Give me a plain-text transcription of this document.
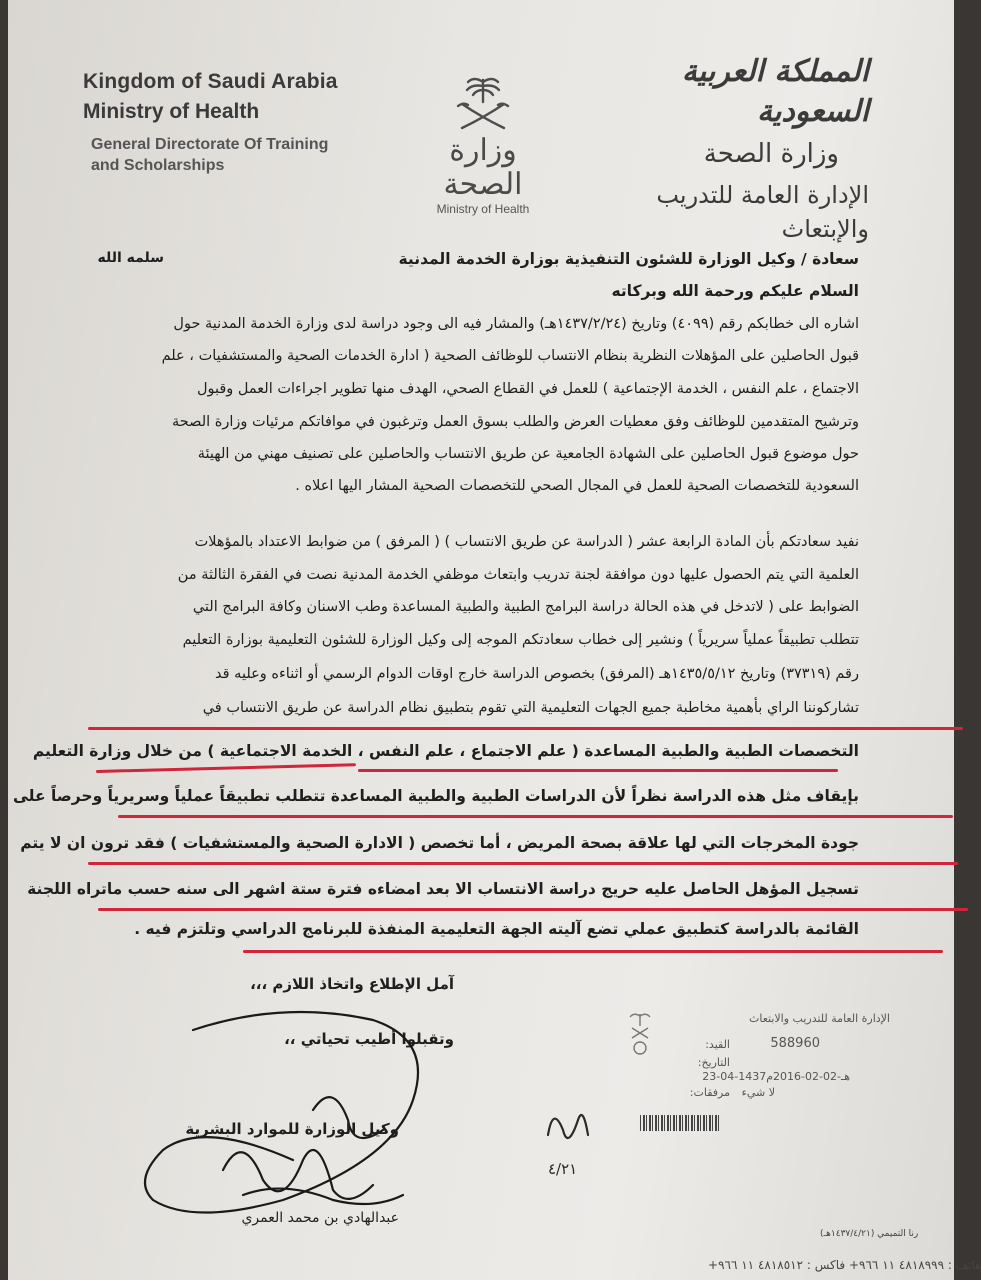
Kingdom of Saudi Arabia
Ministry of Health
General Directorate Of Training
and Scholarships	وزارة الصحة
Ministry of Health
المملكة العربية السعودية
وزارة الصحة
الإدارة العامة للتدريب والإبتعاث
سعادة / وكيل الوزارة للشئون التنفيذية بوزارة الخدمة المدنية
سلمه الله
السلام عليكم ورحمة الله وبركاته
اشاره الى خطابكم رقم (٤٠٩٩) وتاريخ (١٤٣٧/٢/٢٤هـ) والمشار فيه الى وجود دراسة لدى وزارة الخدمة المدنية حول
قبول الحاصلين على المؤهلات النظرية بنظام الانتساب للوظائف الصحية ( ادارة الخدمات الصحية والمستشفيات ، علم
الاجتماع ، علم النفس ، الخدمة الإجتماعية ) للعمل في القطاع الصحي، الهدف منها تطوير اجراءات العمل وقبول
وترشيح المتقدمين للوظائف وفق معطيات العرض والطلب بسوق العمل وترغبون في موافاتكم مرئيات وزارة الصحة
حول موضوع قبول الحاصلين على الشهادة الجامعية عن طريق الانتساب والحاصلين على تصنيف مهني من الهيئة
السعودية للتخصصات الصحية للعمل في المجال الصحي للتخصصات الصحية المشار اليها اعلاه .
نفيد سعادتكم بأن المادة الرابعة عشر ( الدراسة عن طريق الانتساب ) ( المرفق ) من ضوابط الاعتداد بالمؤهلات
العلمية التي يتم الحصول عليها دون موافقة لجنة تدريب وابتعاث موظفي الخدمة المدنية نصت في الفقرة الثالثة من
الضوابط على ( لاتدخل في هذه الحالة دراسة البرامج الطبية والطبية المساعدة وطب الاسنان وكافة البرامج التي
تتطلب تطبيقاً عملياً سريرياً ) ونشير إلى خطاب سعادتكم الموجه إلى وكيل الوزارة للشئون التعليمية بوزارة التعليم
رقم (٣٧٣١٩) وتاريخ ١٤٣٥/٥/١٢هـ (المرفق) بخصوص الدراسة خارج اوقات الدوام الرسمي أو اثناءه وعليه قد
تشاركوننا الراي بأهمية مخاطبة جميع الجهات التعليمية التي تقوم بتطبيق نظام الدراسة عن طريق الانتساب في
التخصصات الطبية والطبية المساعدة ( علم الاجتماع ، علم النفس ، الخدمة الاجتماعية ) من خلال وزارة التعليم
بإيقاف مثل هذه الدراسة نظراً لأن الدراسات الطبية والطبية المساعدة تتطلب تطبيقاً عملياً وسريرياً وحرصاً على
جودة المخرجات التي لها علاقة بصحة المريض ، أما تخصص ( الادارة الصحية والمستشفيات ) فقد ترون ان لا يتم
تسجيل المؤهل الحاصل عليه حريج دراسة الانتساب الا بعد امضاءه فترة ستة اشهر الى سنه حسب ماتراه اللجنة
القائمة بالدراسة كتطبيق عملي تضع آليته الجهة التعليمية المنفذة للبرنامج الدراسي وتلتزم فيه .
آمل الإطلاع واتخاذ اللازم ،،،
وتقبلوا أطيب تحياتي ،،
الإدارة العامة للتدريب والابتعاث
القيد:	588960
التاريخ:
23-04-1437هـ-02-02-2016م
مرفقات: لا شيء
وكيل الوزارة للموارد البشرية
عبدالهادي بن محمد العمري
٤/٢١
رنا التميمي (١٤٣٧/٤/٢١هـ)
هاتف : ٤٨١٨٩٩٩ ١١ ٩٦٦+ فاكس : ٤٨١٨٥١٢ ١١ ٩٦٦+
